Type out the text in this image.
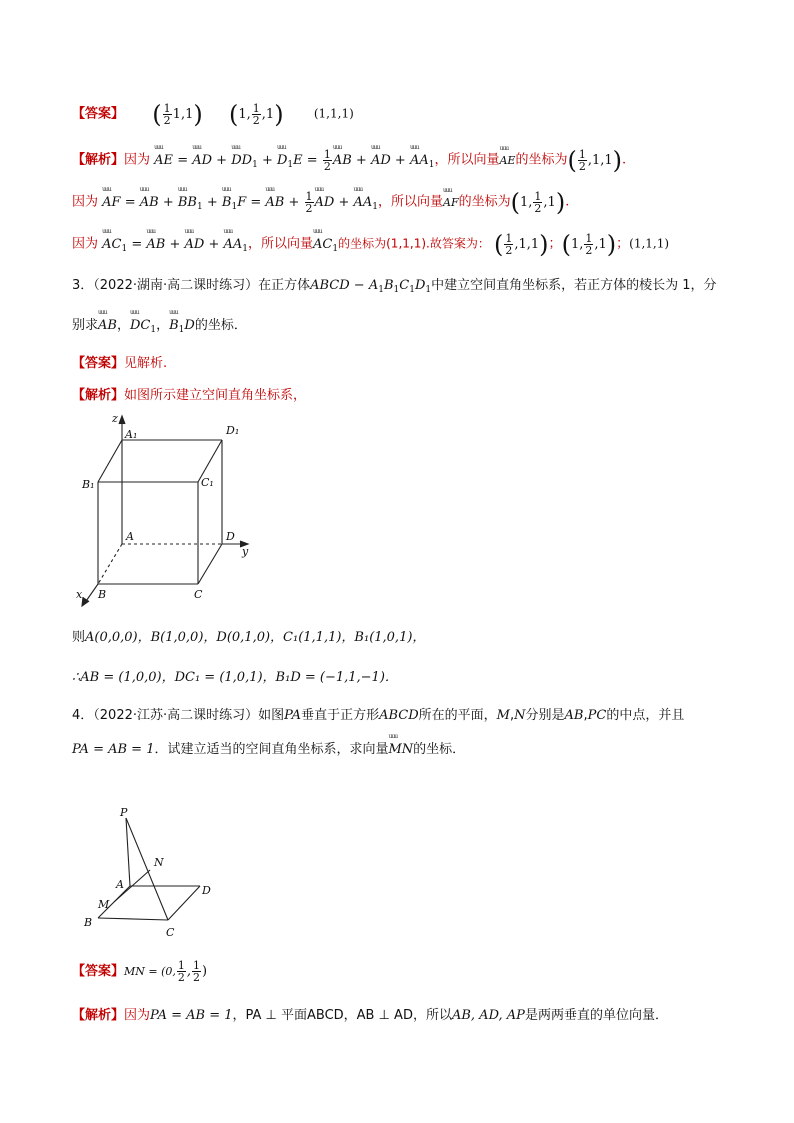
【答案】 ( $\frac{1}{2} 1,1$) (1, $\frac{1}{2} ,1$)	(1,1,1)
【解析】因为 uuu AE = uuu AD + uuu $DD_1$ + uuu $D_1E = \frac{1}{2}$ uuu AB + uuu AD + uuu $AA_1$，所以向量uuu AE的坐标为( $\frac{1}{2} ,1,1$).
因为 uuu AF = uuu AB + uuu $BB_1$ + uuu $B_1F$ = uuu AB + $\frac{1}{2}$ uuu AD + uuu $AA_1$，所以向量uuu AF的坐标为(1, $\frac{1}{2} ,1$).
因为 uuu $AC_1$ = uuu AB + uuu AD + uuu $AA_1$，所以向量uuu $AC_1$的坐标为(1,1,1).故答案为： ( $\frac{1}{2} ,1,1$)；(1, $\frac{1}{2} ,1$)；(1,1,1)
3．（2022·湖南·高二课时练习）在正方体ABCD − $A_1B_1C_1D_1$中建立空间直角坐标系，若正方体的棱长为 1，分
别求uuu AB，uuu $DC_1$，uuu $B_1D$的坐标．
【答案】见解析.
【解析】如图所示建立空间直角坐标系，
z
A₁	D₁
B₁	C₁
A	D
y
x B	C
则A(0,0,0)，B(1,0,0)，D(0,1,0)，C₁(1,1,1)，B₁(1,0,1)，
∴AB = (1,0,0)，DC₁ = (1,0,1)，B₁D = (−1,1,−1)．
4．（2022·江苏·高二课时练习）如图PA垂直于正方形ABCD所在的平面，M,N分别是AB,PC的中点，并且
PA = AB = 1．试建立适当的空间直角坐标系，求向量uuu MN的坐标．
P
N
A
M
B
C
D
【答案】MN = (0, $\frac{1}{2}$ , $\frac{1}{2}$ )
【解析】因为PA = AB = 1，PA ⊥ 平面ABCD，AB ⊥ AD，所以AB, AD, AP是两两垂直的单位向量．
